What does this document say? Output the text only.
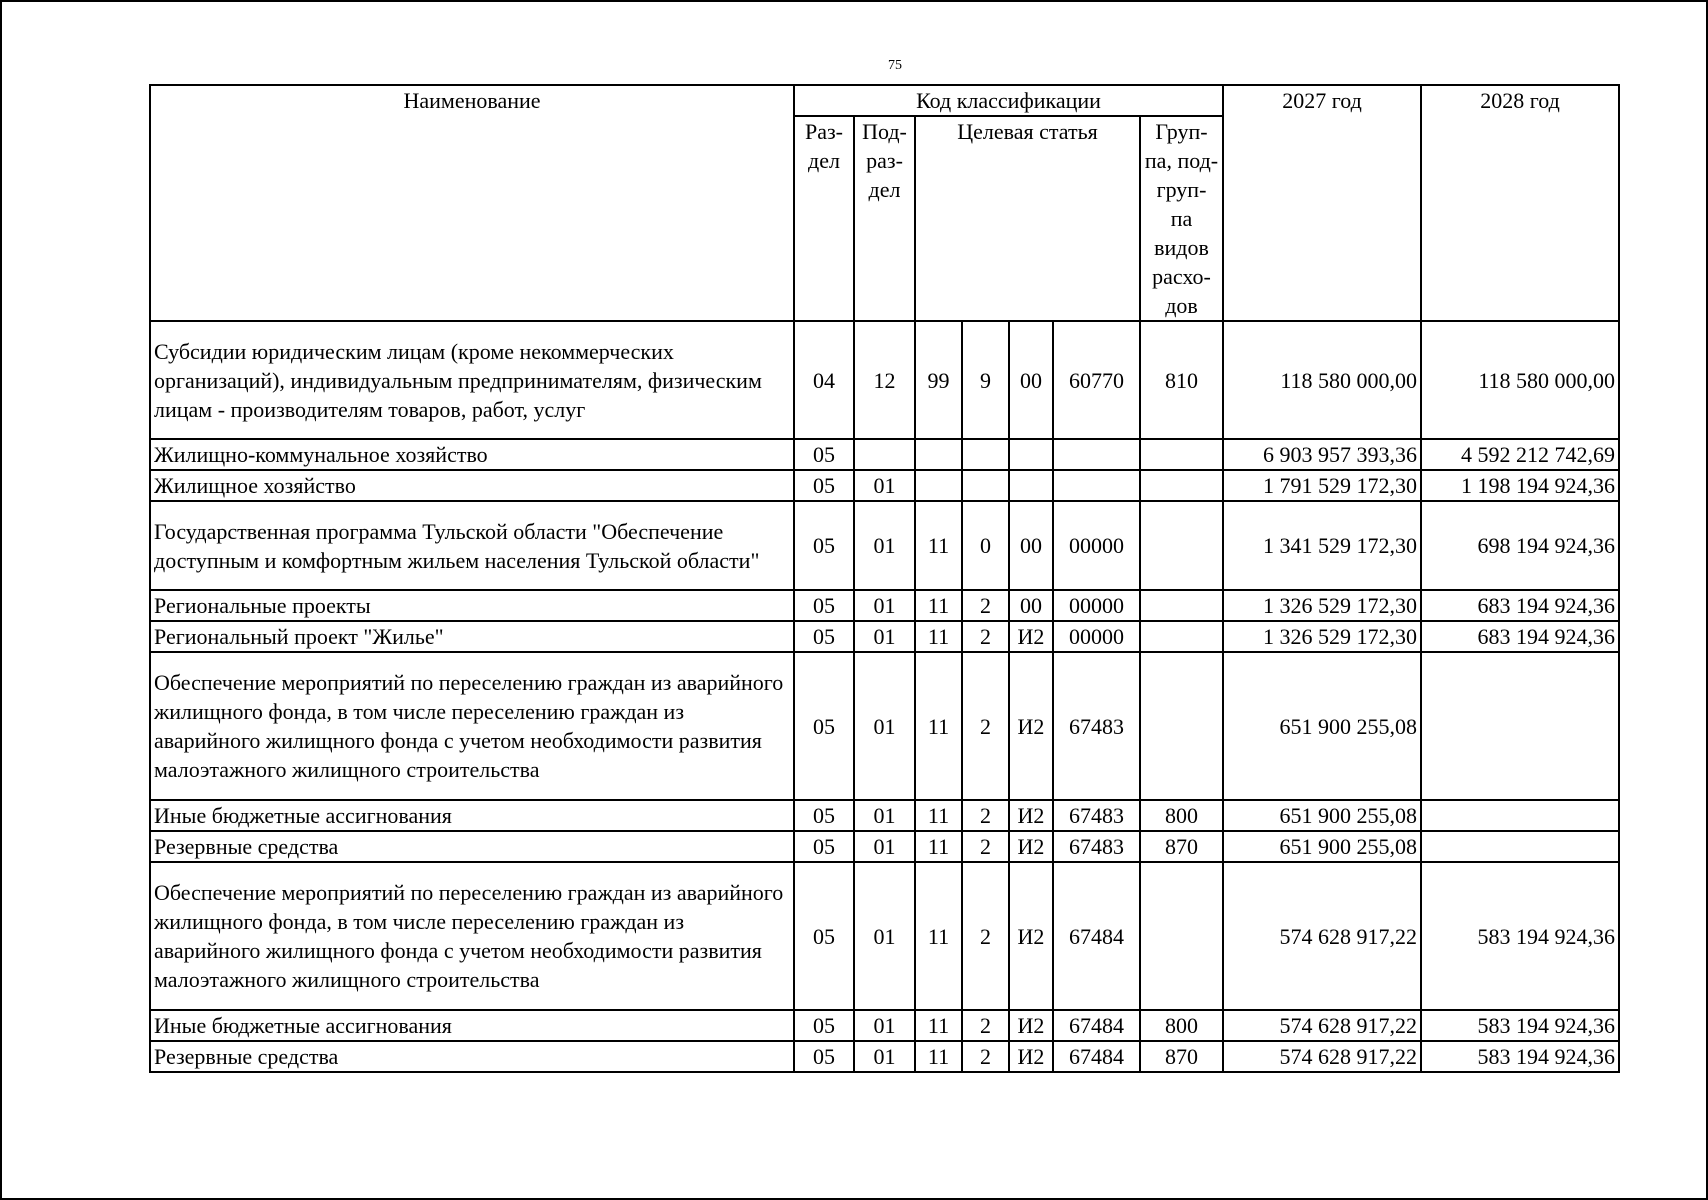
75
Наименование	Код классификации							2027 год	2028 год
	Раз- дел	Под- раз- дел	Целевая статья				Груп- па, под- груп- па видов расхо- дов		
Субсидии юридическим лицам (кроме некоммерческих организаций), индивидуальным предпринимателям, физическим лицам - производителям товаров, работ, услуг	04	12	99	9	00	60770	810	118 580 000,00	118 580 000,00
Жилищно-коммунальное хозяйство	05							6 903 957 393,36	4 592 212 742,69
Жилищное хозяйство	05	01						1 791 529 172,30	1 198 194 924,36
Государственная программа Тульской области "Обеспечение доступным и комфортным жильем населения Тульской области"	05	01	11	0	00	00000		1 341 529 172,30	698 194 924,36
Региональные проекты	05	01	11	2	00	00000		1 326 529 172,30	683 194 924,36
Региональный проект "Жилье"	05	01	11	2	И2	00000		1 326 529 172,30	683 194 924,36
Обеспечение мероприятий по переселению граждан из аварийного жилищного фонда, в том числе переселению граждан из аварийного жилищного фонда с учетом необходимости развития малоэтажного жилищного строительства	05	01	11	2	И2	67483		651 900 255,08	
Иные бюджетные ассигнования	05	01	11	2	И2	67483	800	651 900 255,08	
Резервные средства	05	01	11	2	И2	67483	870	651 900 255,08	
Обеспечение мероприятий по переселению граждан из аварийного жилищного фонда, в том числе переселению граждан из аварийного жилищного фонда с учетом необходимости развития малоэтажного жилищного строительства	05	01	11	2	И2	67484		574 628 917,22	583 194 924,36
Иные бюджетные ассигнования	05	01	11	2	И2	67484	800	574 628 917,22	583 194 924,36
Резервные средства	05	01	11	2	И2	67484	870	574 628 917,22	583 194 924,36
